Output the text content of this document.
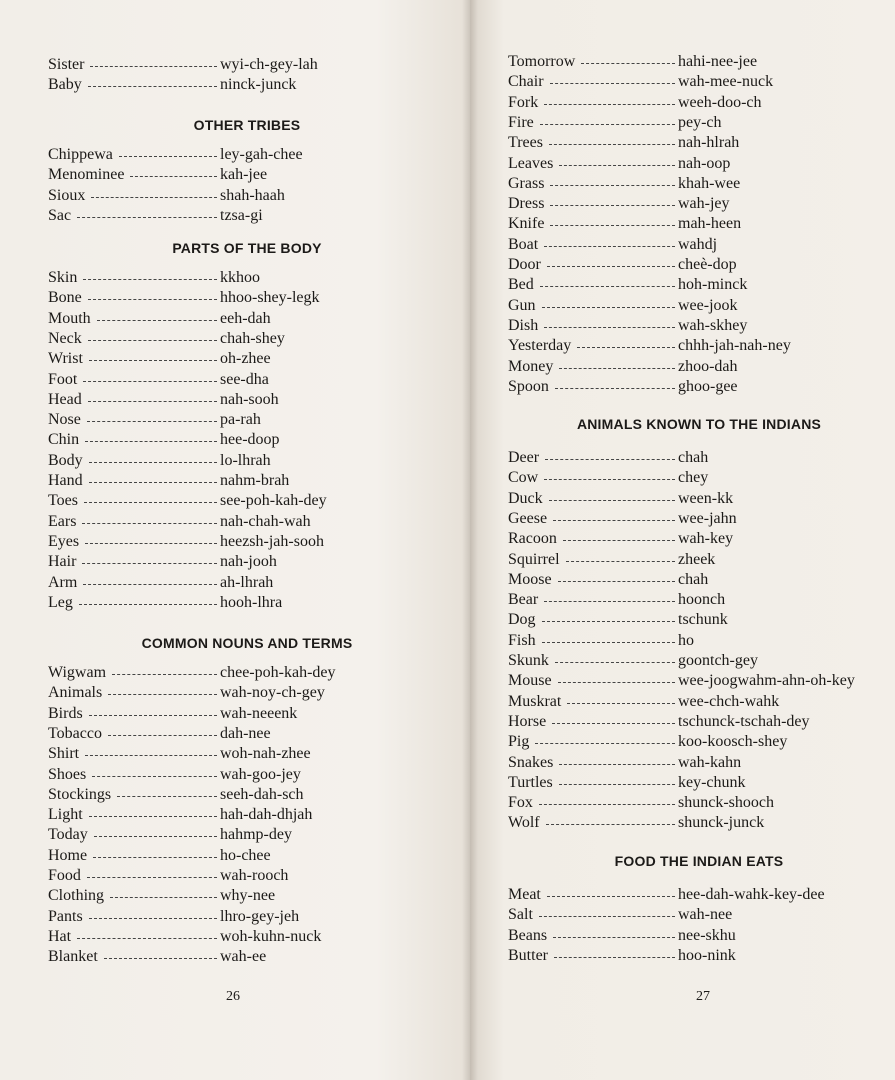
Sister	wyi-ch-gey-lah
Baby	ninck-junck
OTHER TRIBES
Chippewa	ley-gah-chee
Menominee	kah-jee
Sioux	shah-haah
Sac	tzsa-gi
PARTS OF THE BODY
Skin	kkhoo
Bone	hhoo-shey-legk
Mouth	eeh-dah
Neck	chah-shey
Wrist	oh-zhee
Foot	see-dha
Head	nah-sooh
Nose	pa-rah
Chin	hee-doop
Body	lo-lhrah
Hand	nahm-brah
Toes	see-poh-kah-dey
Ears	nah-chah-wah
Eyes	heezsh-jah-sooh
Hair	nah-jooh
Arm	ah-lhrah
Leg	hooh-lhra
COMMON NOUNS AND TERMS
Wigwam	chee-poh-kah-dey
Animals	wah-noy-ch-gey
Birds	wah-neeenk
Tobacco	dah-nee
Shirt	woh-nah-zhee
Shoes	wah-goo-jey
Stockings	seeh-dah-sch
Light	hah-dah-dhjah
Today	hahmp-dey
Home	ho-chee
Food	wah-rooch
Clothing	why-nee
Pants	lhro-gey-jeh
Hat	woh-kuhn-nuck
Blanket	wah-ee
26
Tomorrow	hahi-nee-jee
Chair	wah-mee-nuck
Fork	weeh-doo-ch
Fire	pey-ch
Trees	nah-hlrah
Leaves	nah-oop
Grass	khah-wee
Dress	wah-jey
Knife	mah-heen
Boat	wahdj
Door	cheè-dop
Bed	hoh-minck
Gun	wee-jook
Dish	wah-skhey
Yesterday	chhh-jah-nah-ney
Money	zhoo-dah
Spoon	ghoo-gee
ANIMALS KNOWN TO THE INDIANS
Deer	chah
Cow	chey
Duck	ween-kk
Geese	wee-jahn
Racoon	wah-key
Squirrel	zheek
Moose	chah
Bear	hoonch
Dog	tschunk
Fish	ho
Skunk	goontch-gey
Mouse	wee-joogwahm-ahn-oh-key
Muskrat	wee-chch-wahk
Horse	tschunck-tschah-dey
Pig	koo-koosch-shey
Snakes	wah-kahn
Turtles	key-chunk
Fox	shunck-shooch
Wolf	shunck-junck
FOOD THE INDIAN EATS
Meat	hee-dah-wahk-key-dee
Salt	wah-nee
Beans	nee-skhu
Butter	hoo-nink
27
